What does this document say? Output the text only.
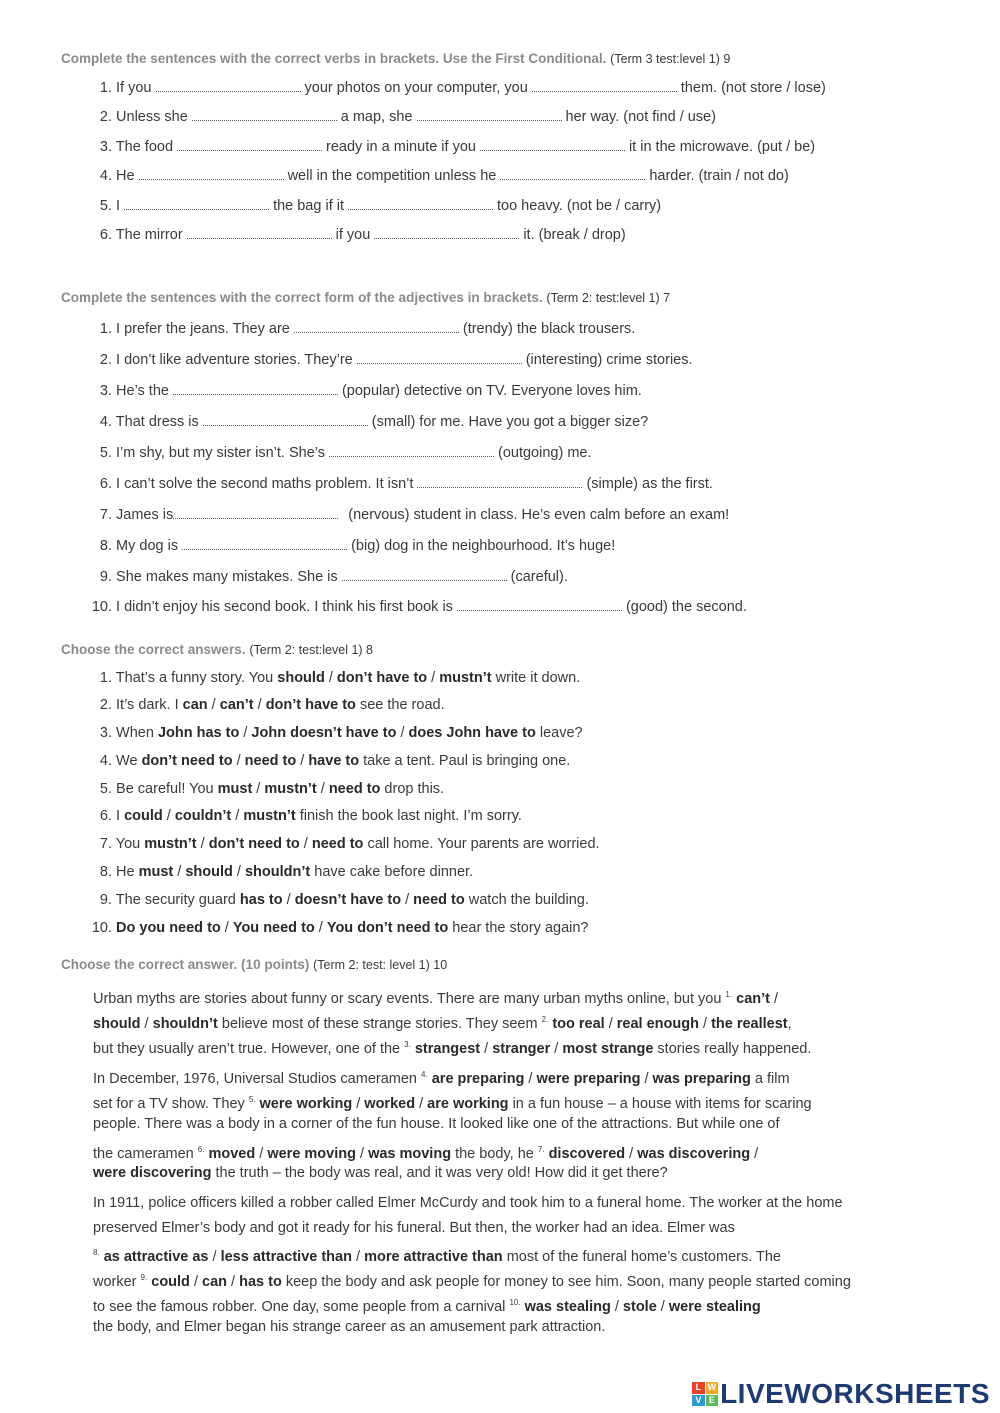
Complete the sentences with the correct verbs in brackets. Use the First Conditional. (Term 3 test:level 1) 9
1. If you	your photos on your computer, you	them. (not store / lose)
2. Unless she	a map, she	her way. (not find / use)
3. The food	ready in a minute if you	it in the microwave. (put / be)
4. He	well in the competition unless he	harder. (train / not do)
5. I	the bag if it	too heavy. (not be / carry)
6. The mirror	if you	it. (break / drop)
Complete the sentences with the correct form of the adjectives in brackets. (Term 2: test:level 1) 7
1. I prefer the jeans. They are	(trendy) the black trousers.
2. I don’t like adventure stories. They’re	(interesting) crime stories.
3. He’s the	(popular) detective on TV. Everyone loves him.
4. That dress is	(small) for me. Have you got a bigger size?
5. I’m shy, but my sister isn’t. She’s	(outgoing) me.
6. I can’t solve the second maths problem. It isn’t	(simple) as the first.
7. James is	(nervous) student in class. He’s even calm before an exam!
8. My dog is	(big) dog in the neighbourhood. It’s huge!
9. She makes many mistakes. She is	(careful).
10. I didn’t enjoy his second book. I think his first book is	(good) the second.
Choose the correct answers. (Term 2: test:level 1) 8
1. That’s a funny story. You should / don’t have to / mustn’t write it down.
2. It’s dark. I can / can’t / don’t have to see the road.
3. When John has to / John doesn’t have to / does John have to leave?
4. We don’t need to / need to / have to take a tent. Paul is bringing one.
5. Be careful! You must / mustn’t / need to drop this.
6. I could / couldn’t / mustn’t finish the book last night. I’m sorry.
7. You mustn’t / don’t need to / need to call home. Your parents are worried.
8. He must / should / shouldn’t have cake before dinner.
9. The security guard has to / doesn’t have to / need to watch the building.
10. Do you need to / You need to / You don’t need to hear the story again?
Choose the correct answer. (10 points) (Term 2: test: level 1) 10
Urban myths are stories about funny or scary events. There are many urban myths online, but you $^{1.}$ can’t /
should / shouldn’t believe most of these strange stories. They seem $^{2.}$ too real / real enough / the reallest,
but they usually aren’t true. However, one of the $^{3.}$ strangest / stranger / most strange stories really happened.
In December, 1976, Universal Studios cameramen $^{4.}$ are preparing / were preparing / was preparing a film
set for a TV show. They $^{5.}$ were working / worked / are working in a fun house – a house with items for scaring
people. There was a body in a corner of the fun house. It looked like one of the attractions. But while one of
the cameramen $^{6.}$ moved / were moving / was moving the body, he $^{7.}$ discovered / was discovering /
were discovering the truth – the body was real, and it was very old! How did it get there?
In 1911, police officers killed a robber called Elmer McCurdy and took him to a funeral home. The worker at the home
preserved Elmer’s body and got it ready for his funeral. But then, the worker had an idea. Elmer was
$^{8.}$ as attractive as / less attractive than / more attractive than most of the funeral home’s customers. The
worker $^{9.}$ could / can / has to keep the body and ask people for money to see him. Soon, many people started coming
to see the famous robber. One day, some people from a carnival $^{10.}$ was stealing / stole / were stealing
the body, and Elmer began his strange career as an amusement park attraction.
L W
V E LIVEWORKSHEETS
